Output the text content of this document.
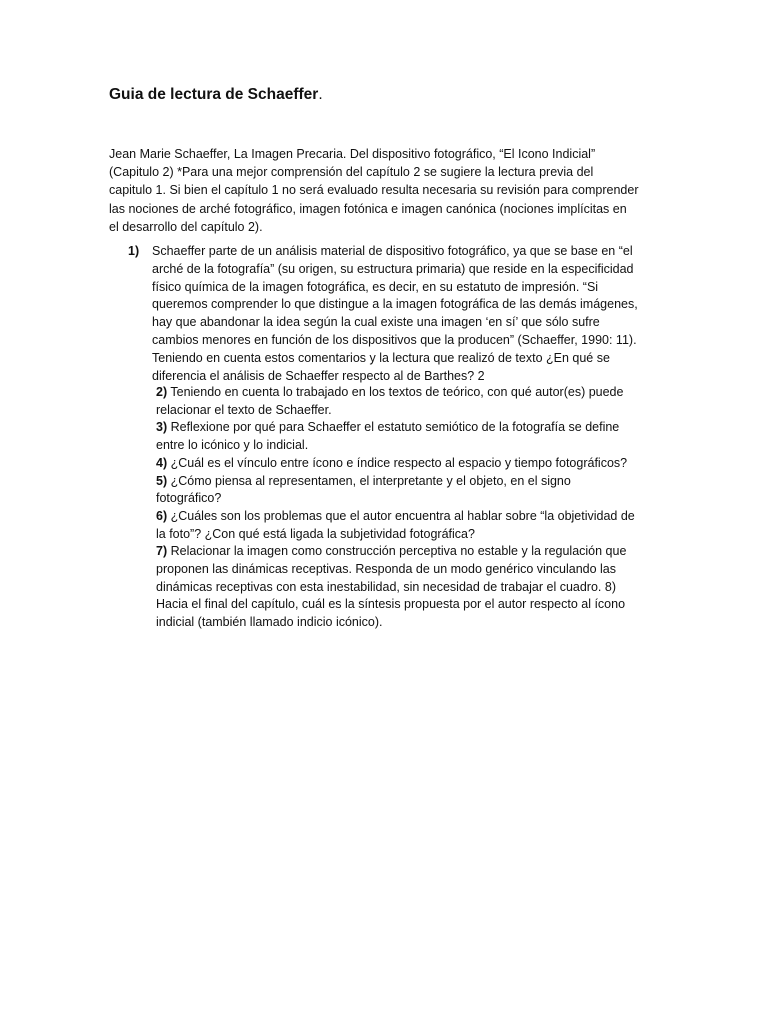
Guia de lectura de Schaeffer.
Jean Marie Schaeffer, La Imagen Precaria. Del dispositivo fotográfico, “El Icono Indicial”
(Capitulo 2) *Para una mejor comprensión del capítulo 2 se sugiere la lectura previa del
capitulo 1. Si bien el capítulo 1 no será evaluado resulta necesaria su revisión para comprender
las nociones de arché fotográfico, imagen fotónica e imagen canónica (nociones implícitas en
el desarrollo del capítulo 2).
1) Schaeffer parte de un análisis material de dispositivo fotográfico, ya que se base en “el
arché de la fotografía” (su origen, su estructura primaria) que reside en la especificidad
físico química de la imagen fotográfica, es decir, en su estatuto de impresión. “Si
queremos comprender lo que distingue a la imagen fotográfica de las demás imágenes,
hay que abandonar la idea según la cual existe una imagen ‘en sí’ que sólo sufre
cambios menores en función de los dispositivos que la producen” (Schaeffer, 1990: 11).
Teniendo en cuenta estos comentarios y la lectura que realizó de texto ¿En qué se
diferencia el análisis de Schaeffer respecto al de Barthes? 2
2) Teniendo en cuenta lo trabajado en los textos de teórico, con qué autor(es) puede
relacionar el texto de Schaeffer.
3) Reflexione por qué para Schaeffer el estatuto semiótico de la fotografía se define
entre lo icónico y lo indicial.
4) ¿Cuál es el vínculo entre ícono e índice respecto al espacio y tiempo fotográficos?
5) ¿Cómo piensa al representamen, el interpretante y el objeto, en el signo
fotográfico?
6) ¿Cuáles son los problemas que el autor encuentra al hablar sobre “la objetividad de
la foto”? ¿Con qué está ligada la subjetividad fotográfica?
7) Relacionar la imagen como construcción perceptiva no estable y la regulación que
proponen las dinámicas receptivas. Responda de un modo genérico vinculando las
dinámicas receptivas con esta inestabilidad, sin necesidad de trabajar el cuadro. 8)
Hacia el final del capítulo, cuál es la síntesis propuesta por el autor respecto al ícono
indicial (también llamado indicio icónico).
